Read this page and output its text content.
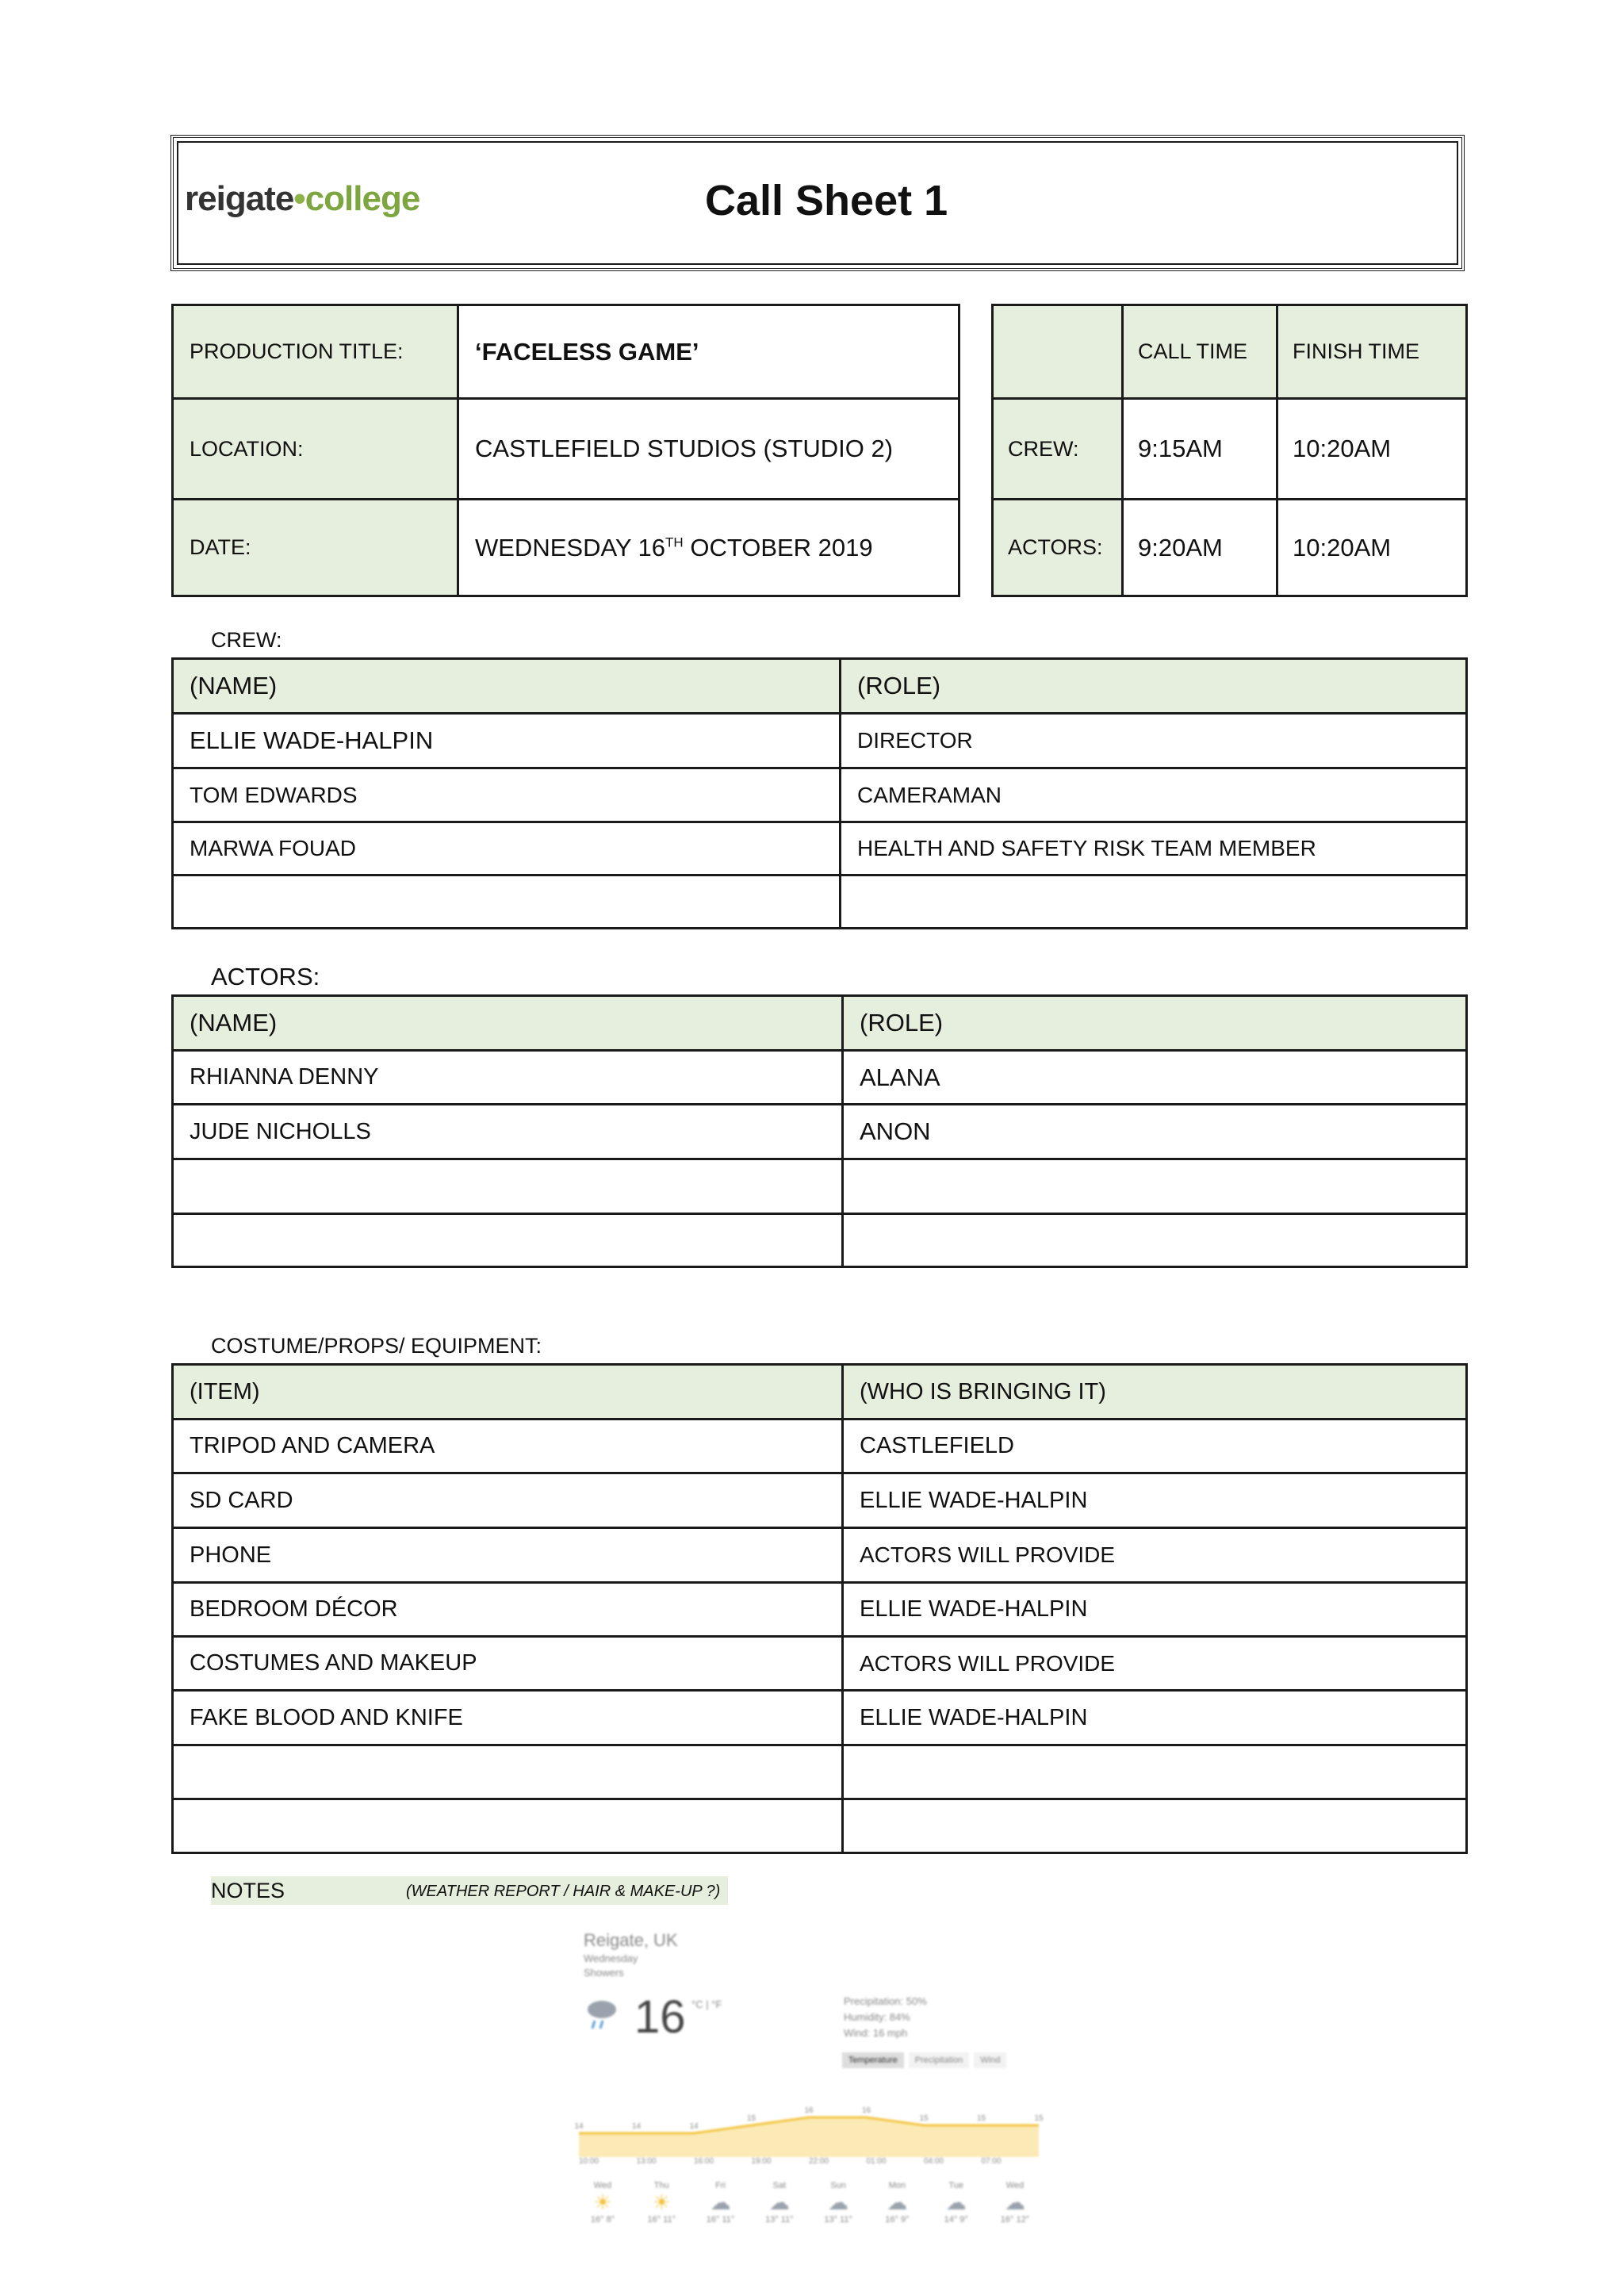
reigate•college	Call Sheet 1
PRODUCTION TITLE:	‘FACELESS GAME’
LOCATION:	CASTLEFIELD STUDIOS (STUDIO 2)
DATE:	WEDNESDAY 16TH OCTOBER 2019
	CALL TIME	FINISH TIME
CREW:	9:15AM	10:20AM
ACTORS:	9:20AM	10:20AM
CREW:
(NAME)	(ROLE)
ELLIE WADE-HALPIN	DIRECTOR
TOM EDWARDS	CAMERAMAN
MARWA FOUAD	HEALTH AND SAFETY RISK TEAM MEMBER

ACTORS:
(NAME)	(ROLE)
RHIANNA DENNY	ALANA
JUDE NICHOLLS	ANON

COSTUME/PROPS/ EQUIPMENT:
(ITEM)	(WHO IS BRINGING IT)
TRIPOD AND CAMERA	CASTLEFIELD
SD CARD	ELLIE WADE-HALPIN
PHONE	ACTORS WILL PROVIDE
BEDROOM DÉCOR	ELLIE WADE-HALPIN
COSTUMES AND MAKEUP	ACTORS WILL PROVIDE
FAKE BLOOD AND KNIFE	ELLIE WADE-HALPIN

NOTES	(WEATHER REPORT / HAIR & MAKE-UP ?)
Reigate, UK
Wednesday
Showers
16 °C | °F	Precipitation: 50%
Humidity: 84%
Wind: 16 mph
Temperature	Precipitation	Wind
14	14	14
15
16	16
15	15	15
10:00	13:00	16:00	19:00	22:00	01:00	04:00	07:00
Wed
☀
16° 8°
Thu
☀
16° 11°
Fri
☁
16° 11°
Sat
☁
13° 11°
Sun
☁
13° 11°
Mon
☁
16° 9°
Tue
☁
14° 9°
Wed
☁
16° 12°
